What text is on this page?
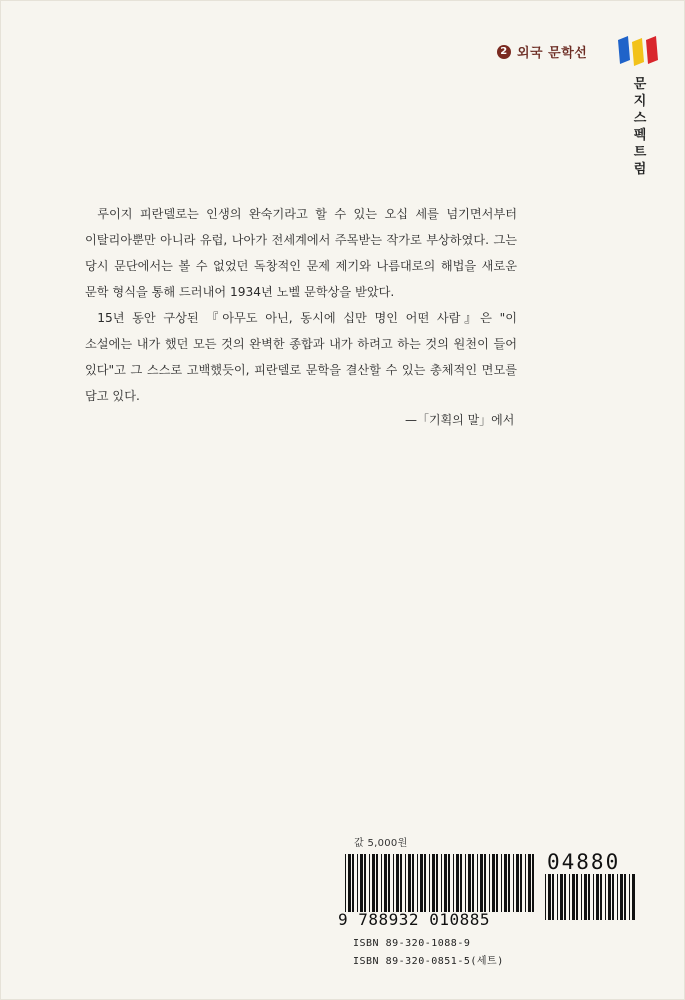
2 외국 문학선
문
지
스
펙
트
럼

루이지 피란델로는 인생의 완숙기라고 할 수 있는 오십 세를 넘기면서부터 이탈리아뿐만 아니라 유럽, 나아가 전세계에서 주목받는 작가로 부상하였다. 그는 당시 문단에서는 볼 수 없었던 독창적인 문제 제기와 나름대로의 해법을 새로운 문학 형식을 통해 드러내어 1934년 노벨 문학상을 받았다.

15년 동안 구상된 『아무도 아닌, 동시에 십만 명인 어떤 사람』은 "이 소설에는 내가 했던 모든 것의 완벽한 종합과 내가 하려고 하는 것의 원천이 들어 있다"고 그 스스로 고백했듯이, 피란델로 문학을 결산할 수 있는 총체적인 면모를 담고 있다.

—「기획의 말」에서
값 5,000원
04880
9 788932 010885
ISBN 89-320-1088-9
ISBN 89-320-0851-5(세트)
